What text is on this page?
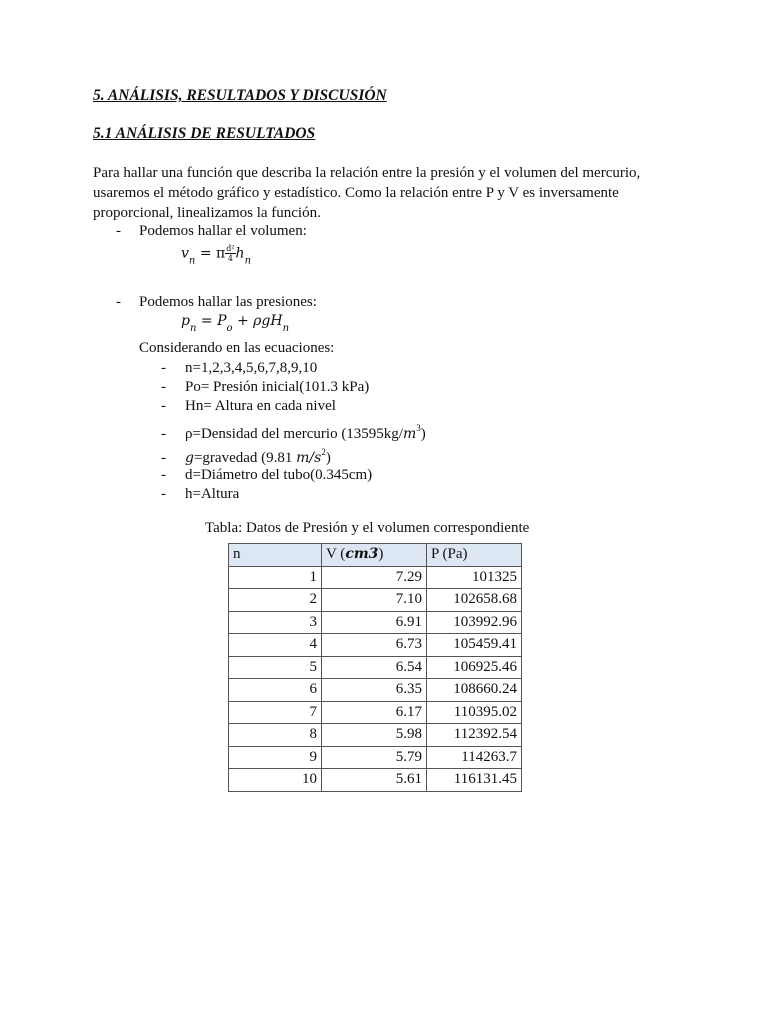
5. ANÁLISIS, RESULTADOS Y DISCUSIÓN
5.1 ANÁLISIS DE RESULTADOS
Para hallar una función que describa la relación entre la presión y el volumen del mercurio,
usaremos el método gráfico y estadístico. Como la relación entre P y V es inversamente
proporcional, linealizamos la función.
- Podemos hallar el volumen:
$v_n = \pi \frac{\text{d²}}{4} h_n$
- Podemos hallar las presiones:
$p_n = P_o + \rho gH_n$
Considerando en las ecuaciones:
- n=1,2,3,4,5,6,7,8,9,10
- Po= Presión inicial(101.3 kPa)
- Hn= Altura en cada nivel
- ρ=Densidad del mercurio $(13595kg/m^3)$
- g=gravedad (9.81 $m/s^2$)
- d=Diámetro del tubo(0.345cm)
- h=Altura
Tabla: Datos de Presión y el volumen correspondiente
n	V (cm3)	P (Pa)
1	7.29	101325
2	7.10	102658.68
3	6.91	103992.96
4	6.73	105459.41
5	6.54	106925.46
6	6.35	108660.24
7	6.17	110395.02
8	5.98	112392.54
9	5.79	114263.7
10	5.61	116131.45
